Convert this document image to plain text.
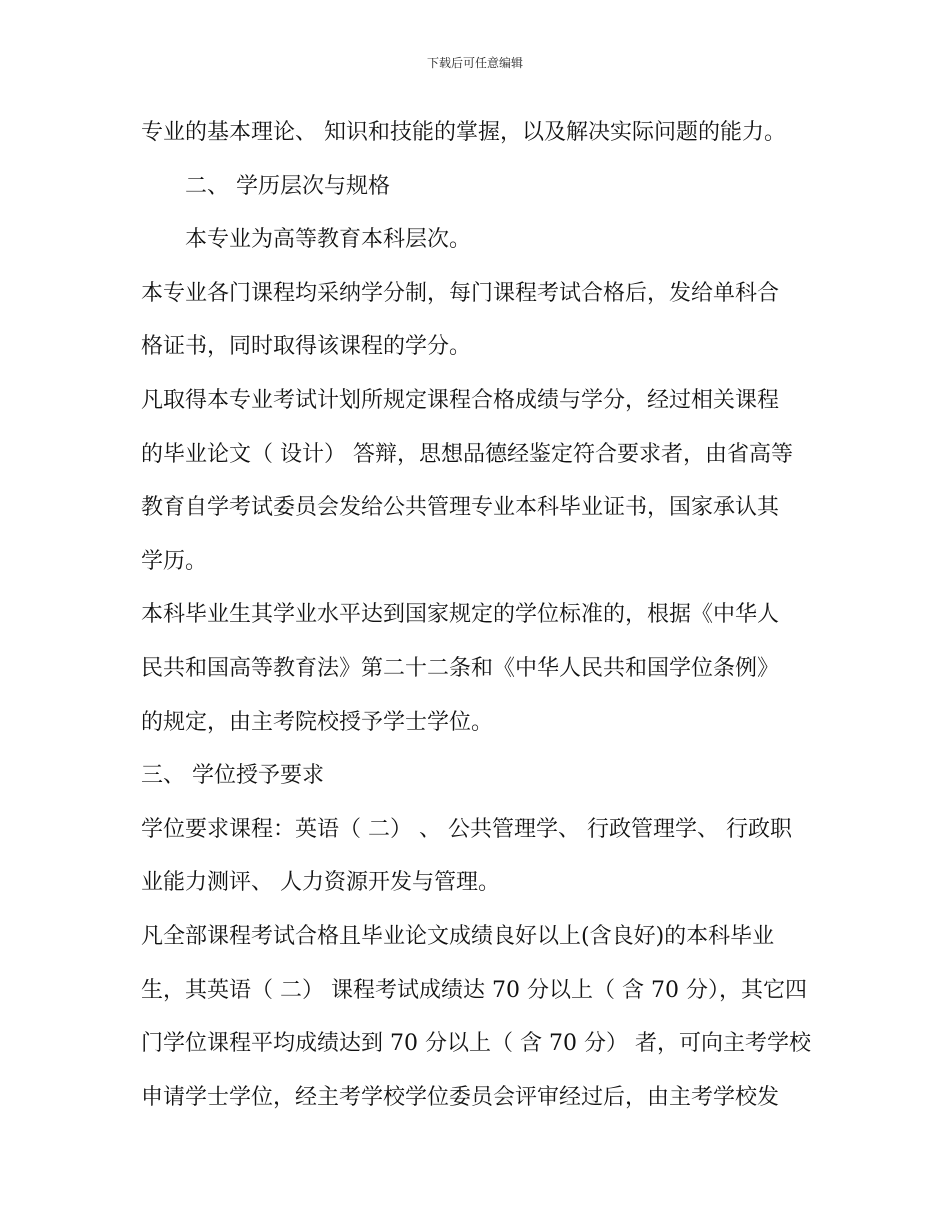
下载后可任意编辑
专业的基本理论、 知识和技能的掌握，以及解决实际问题的能力。
二、 学历层次与规格
本专业为高等教育本科层次。
本专业各门课程均采纳学分制，每门课程考试合格后，发给单科合
格证书，同时取得该课程的学分。
凡取得本专业考试计划所规定课程合格成绩与学分，经过相关课程
的毕业论文（ 设计） 答辩，思想品德经鉴定符合要求者，由省高等
教育自学考试委员会发给公共管理专业本科毕业证书，国家承认其
学历。
本科毕业生其学业水平达到国家规定的学位标准的，根据《中华人
民共和国高等教育法》第二十二条和《中华人民共和国学位条例》
的规定，由主考院校授予学士学位。
三、 学位授予要求
学位要求课程：英语（ 二） 、 公共管理学、 行政管理学、 行政职
业能力测评、 人力资源开发与管理。
凡全部课程考试合格且毕业论文成绩良好以上(含良好)的本科毕业
生，其英语（ 二） 课程考试成绩达 70 分以上（ 含 70 分），其它四
门学位课程平均成绩达到 70 分以上（ 含 70 分） 者，可向主考学校
申请学士学位，经主考学校学位委员会评审经过后，由主考学校发
